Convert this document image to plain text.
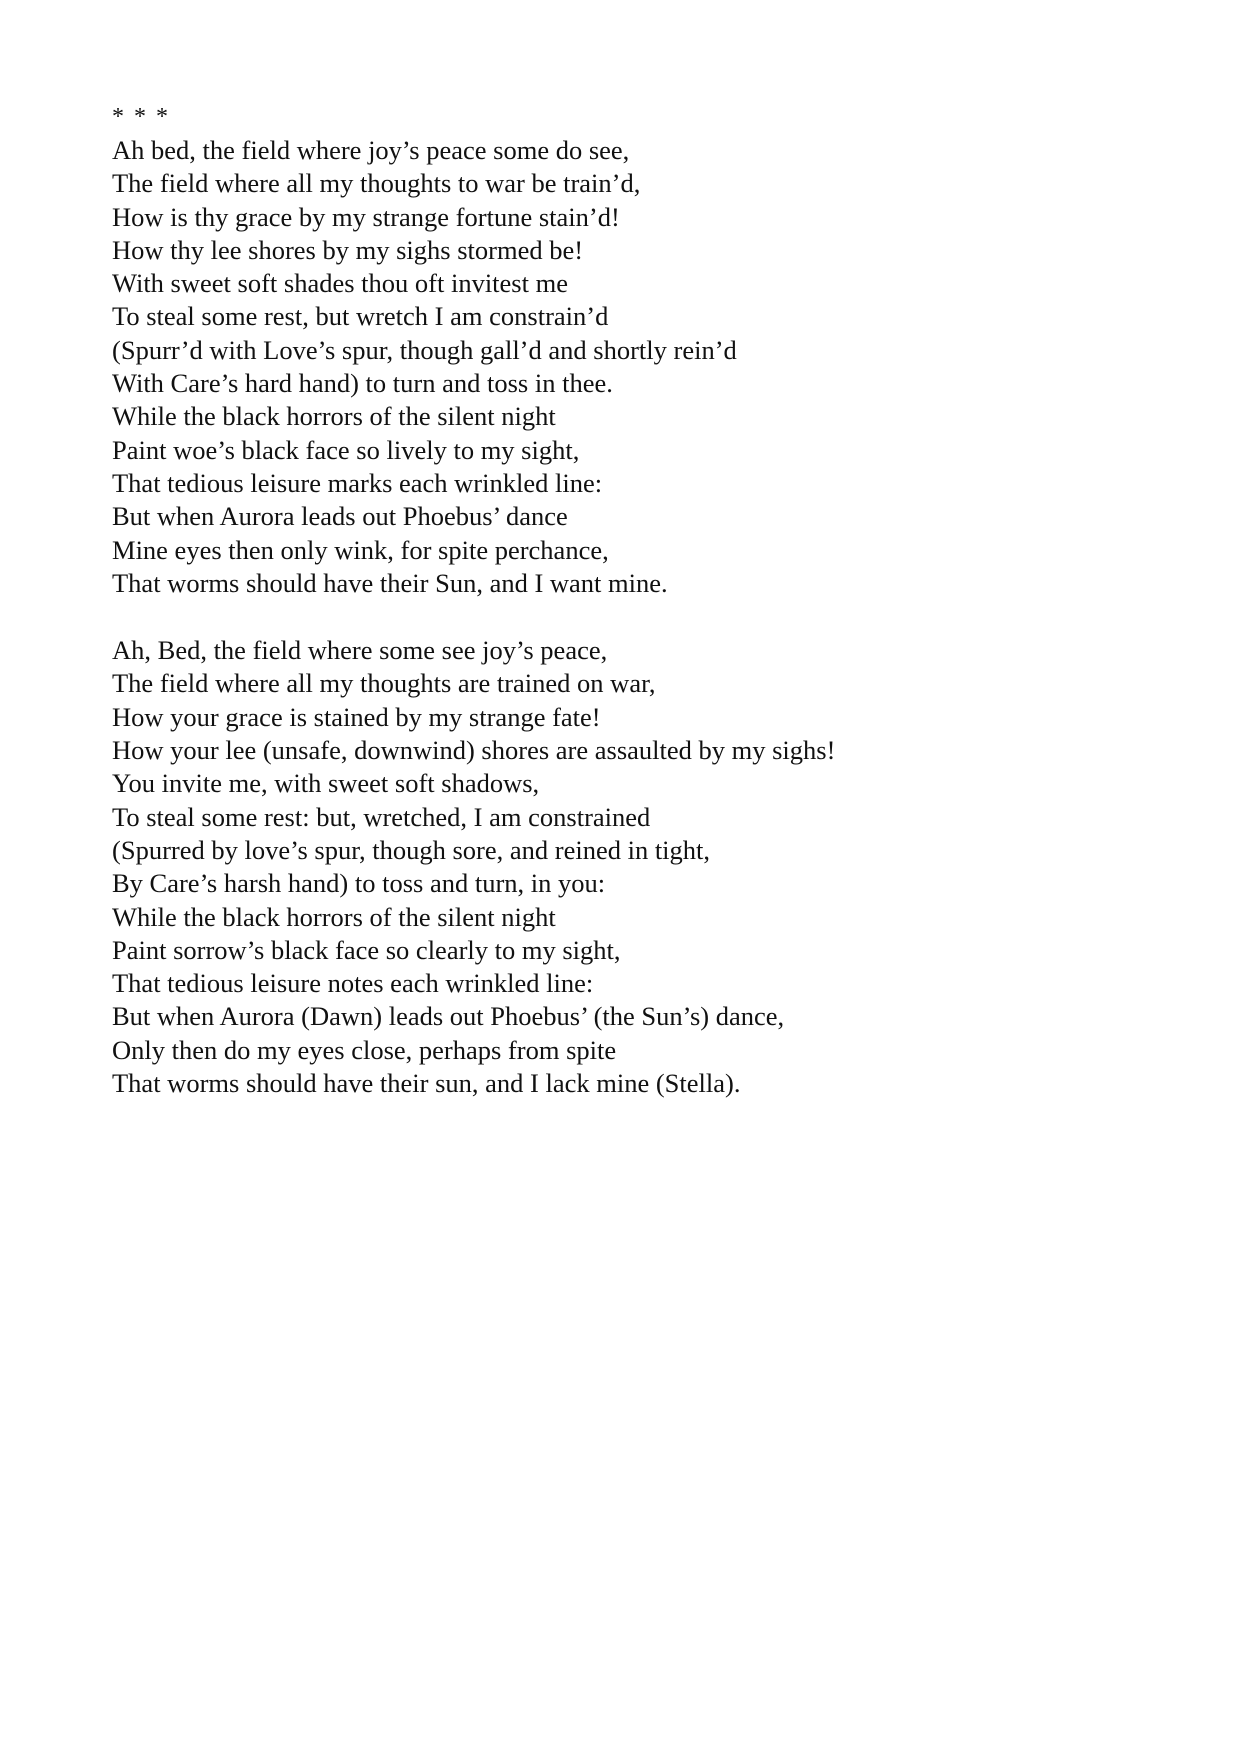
* * *
Ah bed, the field where joy’s peace some do see,
The field where all my thoughts to war be train’d,
How is thy grace by my strange fortune stain’d!
How thy lee shores by my sighs stormed be!
With sweet soft shades thou oft invitest me
To steal some rest, but wretch I am constrain’d
(Spurr’d with Love’s spur, though gall’d and shortly rein’d
With Care’s hard hand) to turn and toss in thee.
While the black horrors of the silent night
Paint woe’s black face so lively to my sight,
That tedious leisure marks each wrinkled line:
But when Aurora leads out Phoebus’ dance
Mine eyes then only wink, for spite perchance,
That worms should have their Sun, and I want mine.
Ah, Bed, the field where some see joy’s peace,
The field where all my thoughts are trained on war,
How your grace is stained by my strange fate!
How your lee (unsafe, downwind) shores are assaulted by my sighs!
You invite me, with sweet soft shadows,
To steal some rest: but, wretched, I am constrained
(Spurred by love’s spur, though sore, and reined in tight,
By Care’s harsh hand) to toss and turn, in you:
While the black horrors of the silent night
Paint sorrow’s black face so clearly to my sight,
That tedious leisure notes each wrinkled line:
But when Aurora (Dawn) leads out Phoebus’ (the Sun’s) dance,
Only then do my eyes close, perhaps from spite
That worms should have their sun, and I lack mine (Stella).
